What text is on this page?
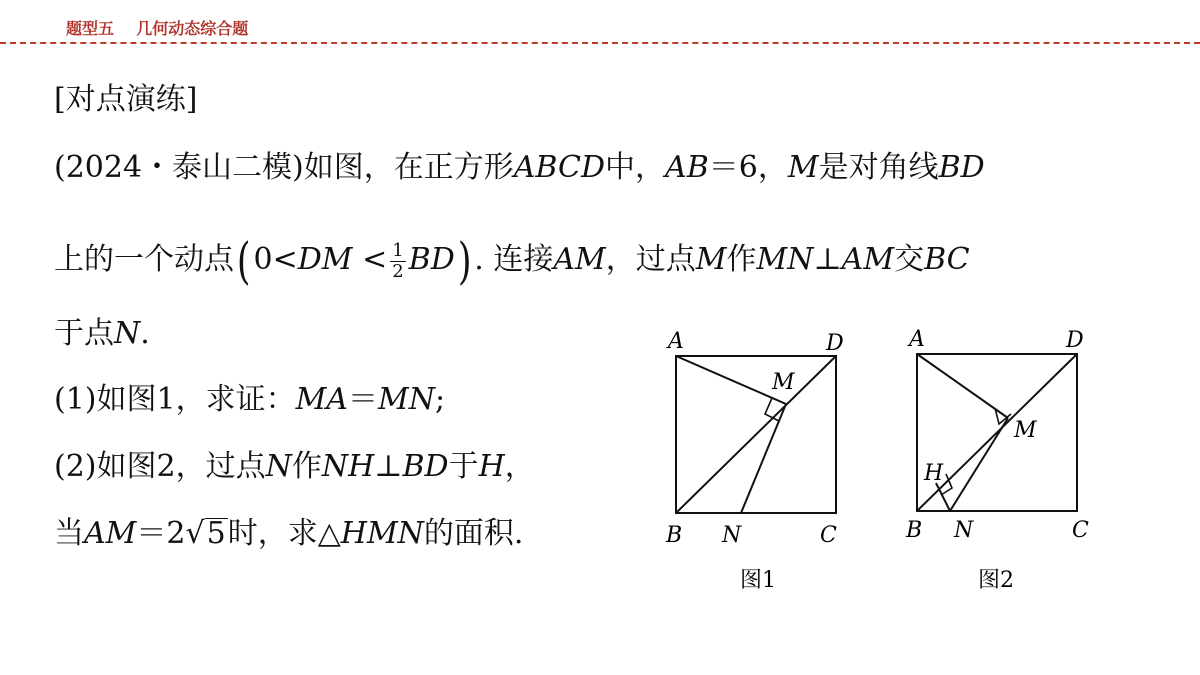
题型五    几何动态综合题
[对点演练]
(2024・泰山二模)如图，在正方形ABCD中，AB＝6，M是对角线BD
上的一个动点$(0<DM < \frac{1}{2} BD)$. 连接AM，过点M作MN⊥AM交BC
于点N.
(1)如图1，求证：MA＝MN;
(2)如图2，过点N作NH⊥BD于H，
当AM＝2√5时，求△HMN的面积.
A	D
M
B N	C
图1
A	D
M
H
B N	C
图2
